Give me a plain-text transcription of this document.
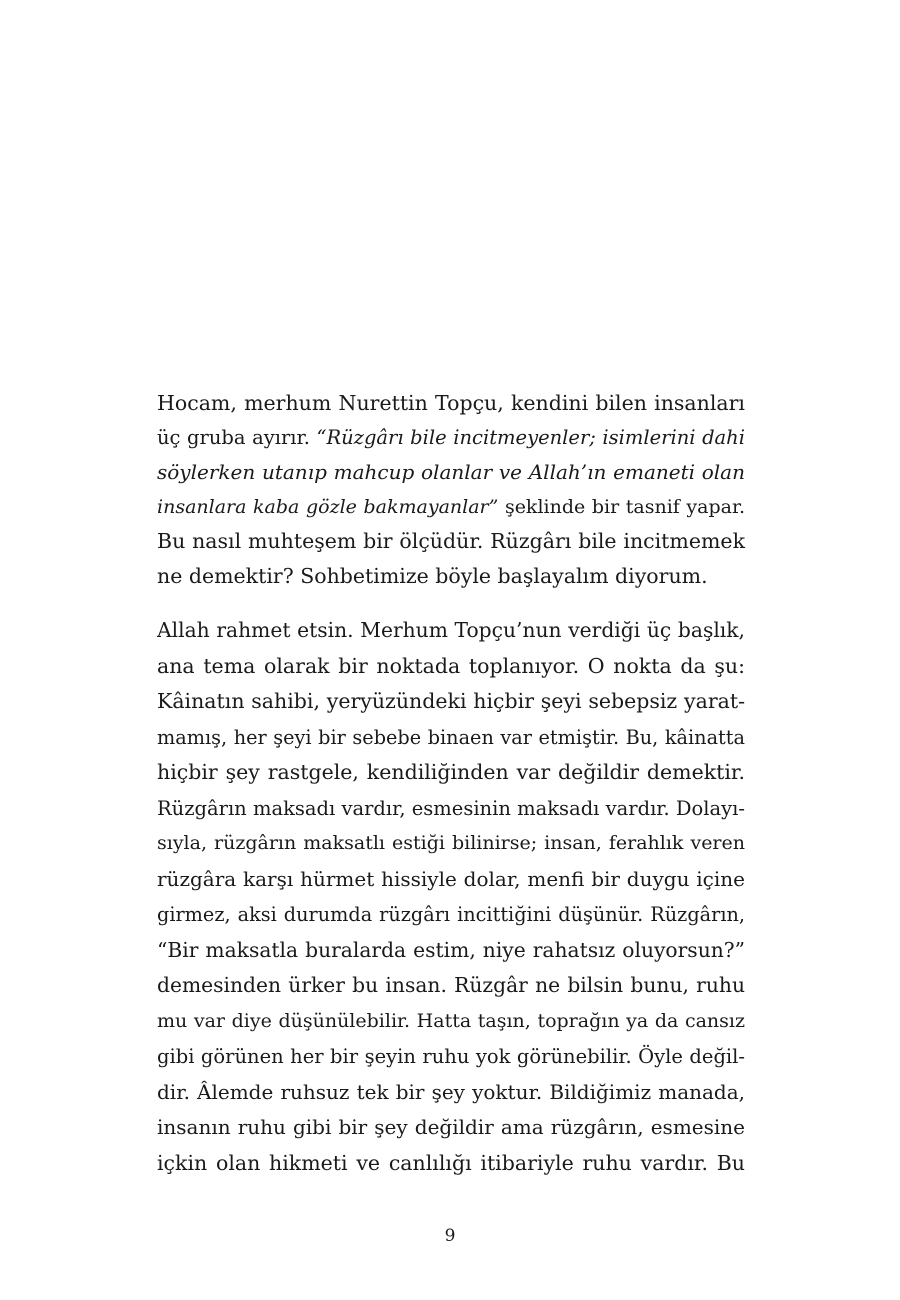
Hocam, merhum Nurettin Topçu, kendini bilen insanları
üç gruba ayırır. “Rüzgârı bile incitmeyenler; isimlerini dahi
söylerken utanıp mahcup olanlar ve Allah’ın emaneti olan
insanlara kaba gözle bakmayanlar” şeklinde bir tasnif yapar.
Bu nasıl muhteşem bir ölçüdür. Rüzgârı bile incitmemek
ne demektir? Sohbetimize böyle başlayalım diyorum.
Allah rahmet etsin. Merhum Topçu’nun verdiği üç başlık,
ana tema olarak bir noktada toplanıyor. O nokta da şu:
Kâinatın sahibi, yeryüzündeki hiçbir şeyi sebepsiz yarat-
mamış, her şeyi bir sebebe binaen var etmiştir. Bu, kâinatta
hiçbir şey rastgele, kendiliğinden var değildir demektir.
Rüzgârın maksadı vardır, esmesinin maksadı vardır. Dolayı-
sıyla, rüzgârın maksatlı estiği bilinirse; insan, ferahlık veren
rüzgâra karşı hürmet hissiyle dolar, menfi bir duygu içine
girmez, aksi durumda rüzgârı incittiğini düşünür. Rüzgârın,
“Bir maksatla buralarda estim, niye rahatsız oluyorsun?”
demesinden ürker bu insan. Rüzgâr ne bilsin bunu, ruhu
mu var diye düşünülebilir. Hatta taşın, toprağın ya da cansız
gibi görünen her bir şeyin ruhu yok görünebilir. Öyle değil-
dir. Âlemde ruhsuz tek bir şey yoktur. Bildiğimiz manada,
insanın ruhu gibi bir şey değildir ama rüzgârın, esmesine
içkin olan hikmeti ve canlılığı itibariyle ruhu vardır. Bu
9
